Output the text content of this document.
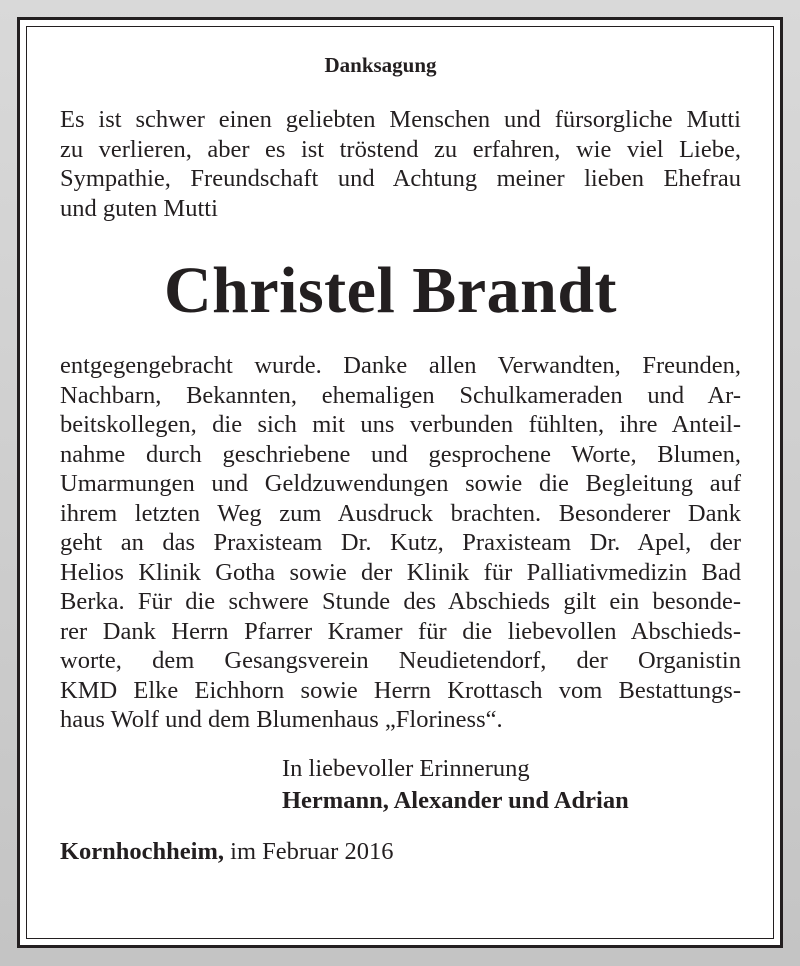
Danksagung

Es ist schwer einen geliebten Menschen und fürsorgliche Mutti
zu verlieren, aber es ist tröstend zu erfahren, wie viel Liebe,
Sympathie, Freundschaft und Achtung meiner lieben Ehefrau
und guten Mutti

Christel Brandt

entgegengebracht wurde. Danke allen Verwandten, Freunden,
Nachbarn, Bekannten, ehemaligen Schulkameraden und Ar-
beitskollegen, die sich mit uns verbunden fühlten, ihre Anteil-
nahme durch geschriebene und gesprochene Worte, Blumen,
Umarmungen und Geldzuwendungen sowie die Begleitung auf
ihrem letzten Weg zum Ausdruck brachten. Besonderer Dank
geht an das Praxisteam Dr. Kutz, Praxisteam Dr. Apel, der
Helios Klinik Gotha sowie der Klinik für Palliativmedizin Bad
Berka. Für die schwere Stunde des Abschieds gilt ein besonde-
rer Dank Herrn Pfarrer Kramer für die liebevollen Abschieds-
worte, dem Gesangsverein Neudietendorf, der Organistin
KMD Elke Eichhorn sowie Herrn Krottasch vom Bestattungs-
haus Wolf und dem Blumenhaus „Floriness“.

In liebevoller Erinnerung
Hermann, Alexander und Adrian
Kornhochheim, im Februar 2016
